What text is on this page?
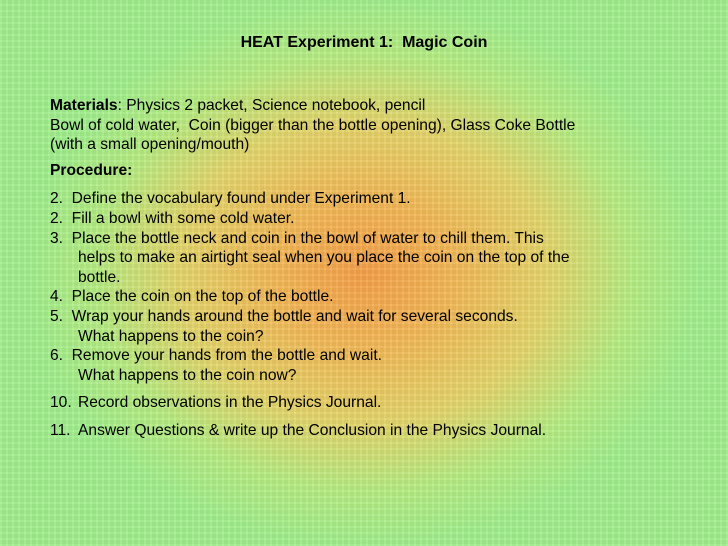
HEAT Experiment 1:  Magic Coin
Materials: Physics 2 packet, Science notebook, pencil
Bowl of cold water,  Coin (bigger than the bottle opening), Glass Coke Bottle
(with a small opening/mouth)
Procedure:
2. Define the vocabulary found under Experiment 1.
2. Fill a bowl with some cold water.
3. Place the bottle neck and coin in the bowl of water to chill them. This
helps to make an airtight seal when you place the coin on the top of the
bottle.
4. Place the coin on the top of the bottle.
5. Wrap your hands around the bottle and wait for several seconds.
What happens to the coin?
6. Remove your hands from the bottle and wait.
What happens to the coin now?
10. Record observations in the Physics Journal.
11. Answer Questions & write up the Conclusion in the Physics Journal.
